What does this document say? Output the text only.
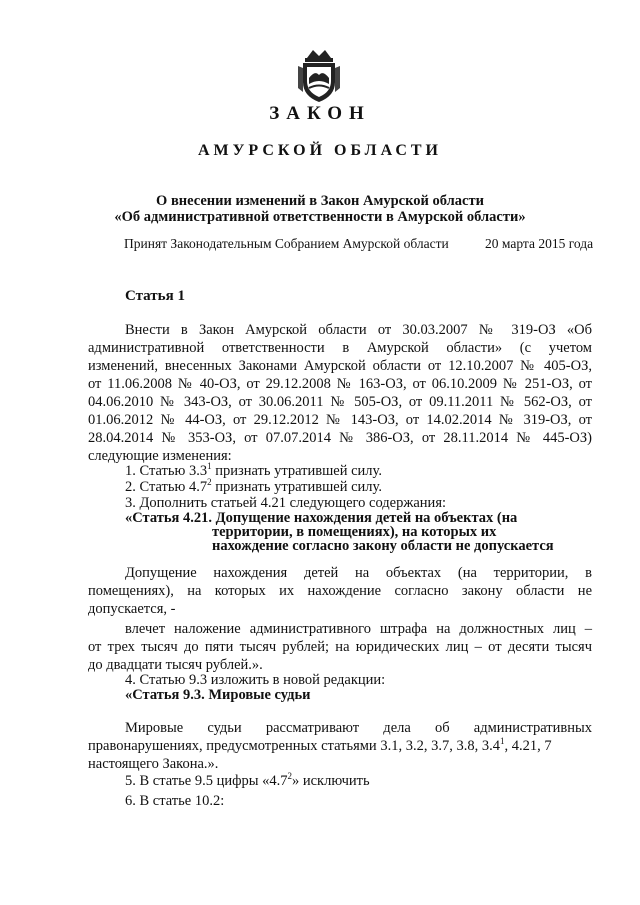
ЗАКОН
АМУРСКОЙ ОБЛАСТИ
О внесении изменений в Закон Амурской области
«Об административной ответственности в Амурской области»
Принят Законодательным Собранием Амурской области	20 марта 2015 года
Статья 1
Внести в Закон Амурской области от 30.03.2007 № 319-ОЗ «Об
административной ответственности в Амурской области» (с учетом
изменений, внесенных Законами Амурской области от 12.10.2007 № 405-ОЗ,
от 11.06.2008 № 40-ОЗ, от 29.12.2008 № 163-ОЗ, от 06.10.2009 № 251-ОЗ, от
04.06.2010 № 343-ОЗ, от 30.06.2011 № 505-ОЗ, от 09.11.2011 № 562-ОЗ, от
01.06.2012 № 44-ОЗ, от 29.12.2012 № 143-ОЗ, от 14.02.2014 № 319-ОЗ, от
28.04.2014 № 353-ОЗ, от 07.07.2014 № 386-ОЗ, от 28.11.2014 № 445-ОЗ)
следующие изменения:
1. Статью $3.3^1$ признать утратившей силу.
2. Статью $4.7^2$ признать утратившей силу.
3. Дополнить статьей 4.21 следующего содержания:
«Статья 4.21. Допущение нахождения детей на объектах (на
территории, в помещениях), на которых их
нахождение согласно закону области не допускается
Допущение нахождения детей на объектах (на территории, в
помещениях), на которых их нахождение согласно закону области не
допускается, -
влечет наложение административного штрафа на должностных лиц –
от трех тысяч до пяти тысяч рублей; на юридических лиц – от десяти тысяч
до двадцати тысяч рублей.».
4. Статью 9.3 изложить в новой редакции:
«Статья 9.3. Мировые судьи
Мировые судьи рассматривают дела об административных
правонарушениях, предусмотренных статьями 3.1, 3.2, 3.7, 3.8, $3.4^1$, 4.21, 7
настоящего Закона.».
5. В статье 9.5 цифры «$4.7^2$» исключить
6. В статье 10.2:
